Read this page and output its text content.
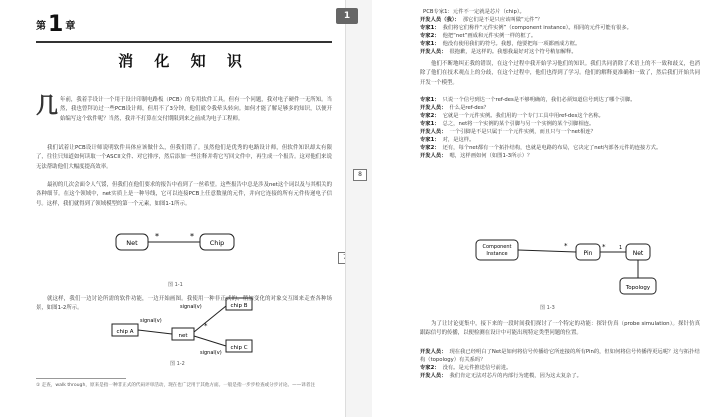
第1 章
消 化 知 识
几年前，我着手设计一个用于设计印制电路板（PCB）的专用软件工具。但有一个问题，我对电子硬件一无所知。当然，我也曾拜访过一些PCB设计师，但用不了3分钟，他们就令我晕头转向。如何才能了解足够多的知识，以便开始编写这个软件呢？当然，我并不打算在交付期限到来之前成为电子工程师。
我们试着让PCB设计师说明软件具体应该做什么，但我们错了。虽然他们是优秀的电路设计师，但软件知识却太有限了，往往只知道如何读取一个ASCII文件、对它排序，然后添加一些注释并将它写回文件中，再生成一个报告。这对他们来说无法帮助他们大幅度提高效率。
最初的几次会面令人气馁，但我们在他们要求的报告中看到了一丝希望。这些报告中总是涉及net这个词以及与其相关的各种细节。在这个领域中，net实质上是一种导线，它可以连接PCB上任意数量的元件，并向它连接的所有元件传递电子信号。这样，我们就得到了领域模型的第一个元素，如图1-1所示。
Net
*	*
Chip
图 1-1
就这样，我们一边讨论所需的软件功能，一边开始画图。我使用一种非正式的、稍加变化的对象交互图来走查各种场景，如图1-2所示。
chip A
net
chip B
chip C
signal(v)
signal(v)
signal(v)
*
图 1-2
① 走查，walk through，原来是指一种非正式的代码评审活动，现在也广泛用于其他方面。一般是指一步步检查或分步讨论。——译者注
1
8
PCB专家1：元件不一定就是芯片（chip）。
开发人员（我）： 那它们是不是只应该叫做“元件”？
专家1： 我们将它们称作“元件实例”（component instance）。相同的元件可能有很多。
专家2： 他把“net”画成和元件实例一样的框了。
专家1： 他没有使用我们的符号。我想，他要把每一项都画成方框。
开发人员： 很抱歉，是这样的。我想我最好对这个符号稍加解释。
他们不断地纠正我的错误，在这个过程中我开始学习他们的知识。我们共同消除了术语上的不一致和歧义，也消除了他们在技术观点上的分歧，在这个过程中，他们也得到了学习。他们的解释更准确和一致了，然后我们开始共同开发一个模型。
专家1： 只说一个信号到达一个ref-des是不够明确的，我们必须知道信号到达了哪个引脚。
开发人员： 什么是ref-des？
专家2： 它就是一个元件实例。我们用的一个专门工具中用ref-des这个名称。
专家1： 总之，net将一个实例的某个引脚与另一个实例的某个引脚相连。
开发人员： 一个引脚是不是只属于一个元件实例，而且只与一个net相连？
专家1： 对，是这样。
专家2： 还有，每个net都有一个拓扑结构，也就是电路的布局，它决定了net内部各元件的连接方式。
开发人员： 嗯，这样画如何（如图1-3所示）？
Component
Instance
*
Pin
*	1
Net
Topology
图 1-3
为了让讨论更集中，接下来的一段时间我们探讨了一个特定的功能：探针仿真（probe simulation）。探针仿真跟踪信号的传播，以便检测在设计中可能出现特定类型问题的位置。
开发人员： 现在我已经明白了Net是如何将信号传播给它所连接的所有Pin的，但如何将信号传播得更远呢？这与拓扑结构（topology）有关系吗？
专家2： 没有。是元件推送信号前进。
开发人员： 我们肯定无法对芯片的内部行为建模，因为这太复杂了。
